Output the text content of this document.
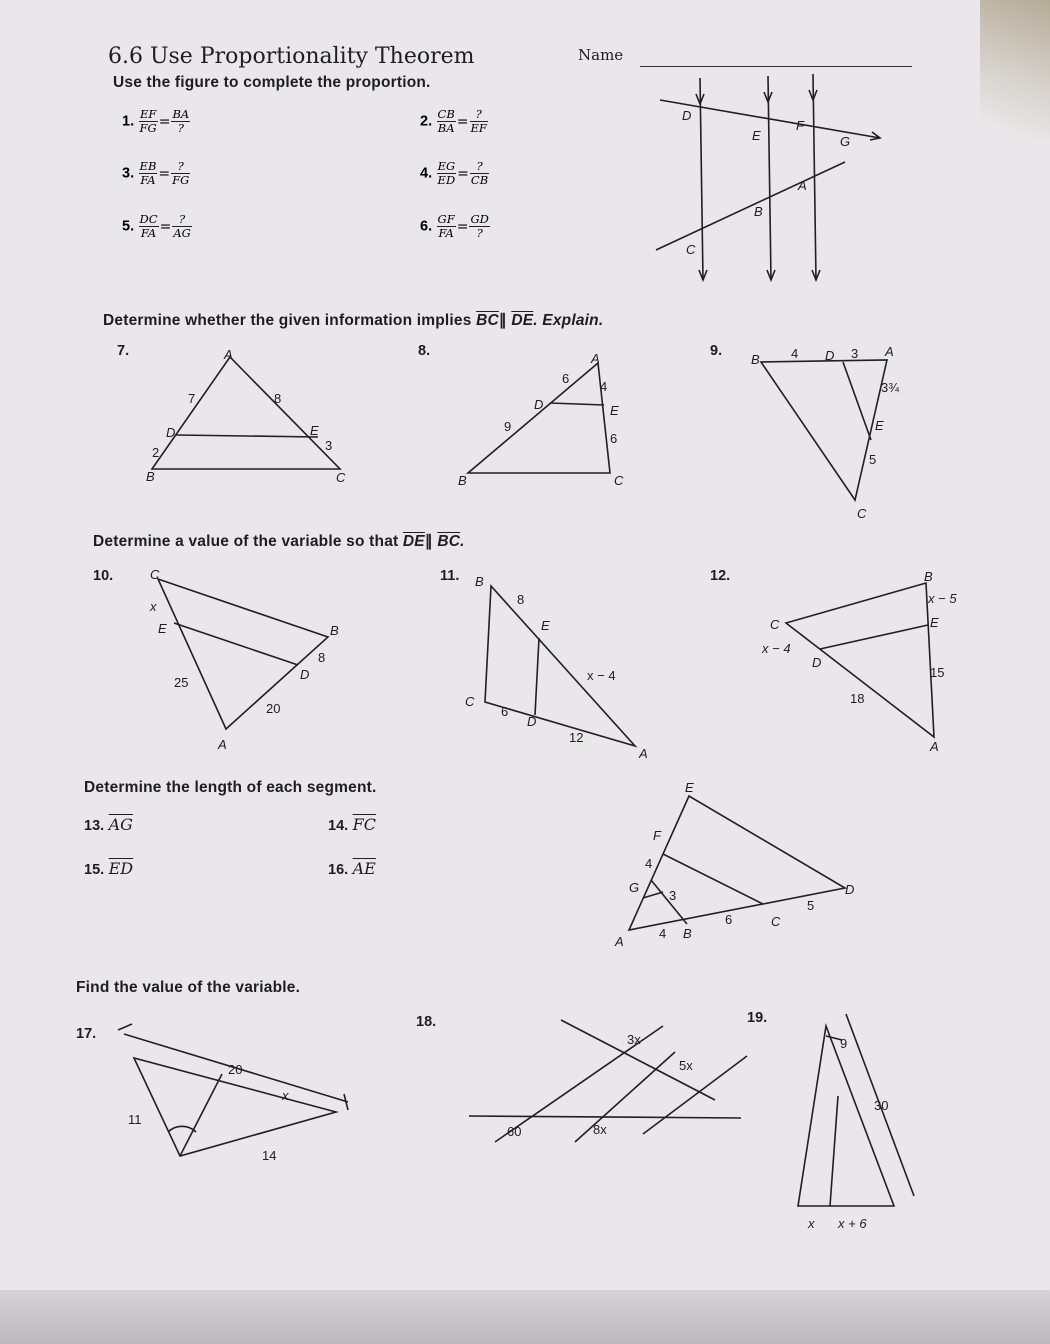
6.6 Use Proportionality Theorem
Use the figure to complete the proportion.
Name
1. $\frac{EF}{FG} = \frac{BA}{?}$	2. $\frac{CB}{BA} = \frac{?}{EF}$
3. $\frac{EB}{FA} = \frac{?}{FG}$	4. $\frac{EG}{ED} = \frac{?}{CB}$
5. $\frac{DC}{FA} = \frac{?}{AG}$	6. $\frac{GF}{FA} = \frac{GD}{?}$
D
E
F
G
A
B
C
Determine whether the given information implies $\overline{BC}\parallel$ $\overline{DE}$. Explain.
7.	A
B	C
D	E
7
2
8
3
8.	A
B	C
D	E
6
9
4
6
9.
B	D	A
E
C
4	3
3¾
5
Determine a value of the variable so that $\overline{DE}\parallel$ $\overline{BC}$.
10.	C
B
A
E
D
x
25
20
8
11. B
C
A
E
D
8
x − 4
6
12
12.	B
C
A
E
D
x − 5
15
x − 4
18
Determine the length of each segment.
13. $\overline{AG}$	14. $\overline{FC}$
15. $\overline{ED}$	16. $\overline{AE}$
E
F
G
A
B
C
D
4
3
4
6
5
Find the value of the variable.
17.
20
x
11
14
18.
3x
5x
60	8x
19.
9
30
x x + 6
